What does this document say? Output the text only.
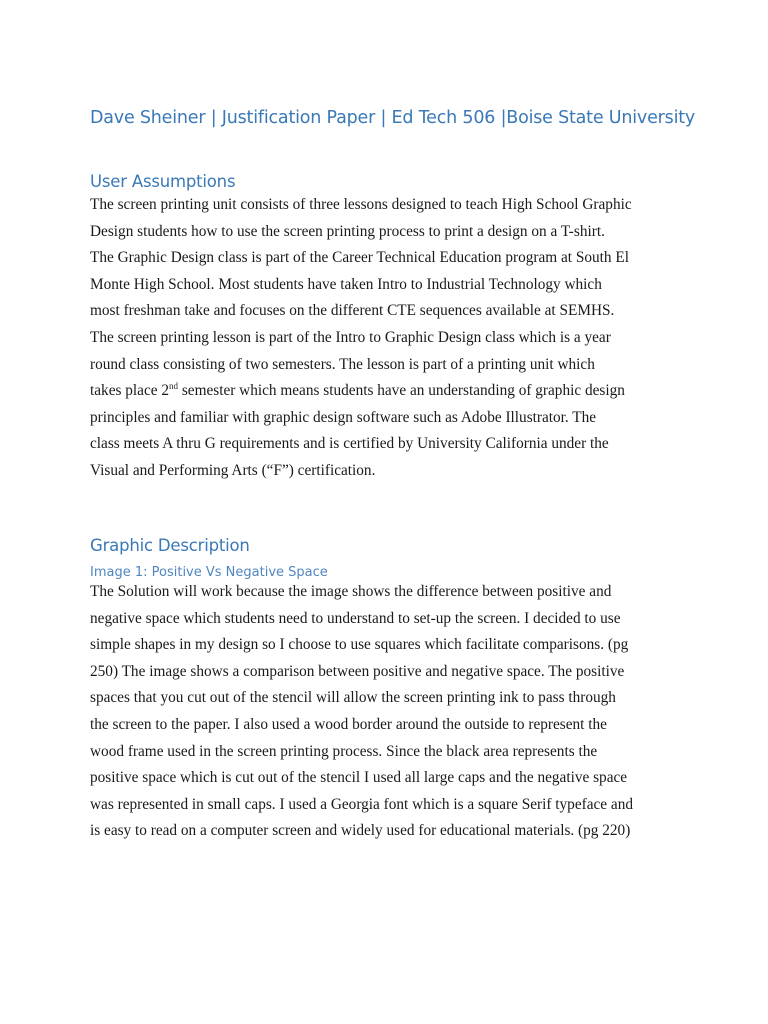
Dave Sheiner | Justification Paper | Ed Tech 506 |Boise State University
User Assumptions
The screen printing unit consists of three lessons designed to teach High School Graphic
Design students how to use the screen printing process to print a design on a T-shirt.
The Graphic Design class is part of the Career Technical Education program at South El
Monte High School. Most students have taken Intro to Industrial Technology which
most freshman take and focuses on the different CTE sequences available at SEMHS.
The screen printing lesson is part of the Intro to Graphic Design class which is a year
round class consisting of two semesters. The lesson is part of a printing unit which
takes place 2nd semester which means students have an understanding of graphic design
principles and familiar with graphic design software such as Adobe Illustrator. The
class meets A thru G requirements and is certified by University California under the
Visual and Performing Arts (“F”) certification.
Graphic Description
Image 1: Positive Vs Negative Space
The Solution will work because the image shows the difference between positive and
negative space which students need to understand to set-up the screen. I decided to use
simple shapes in my design so I choose to use squares which facilitate comparisons. (pg
250) The image shows a comparison between positive and negative space. The positive
spaces that you cut out of the stencil will allow the screen printing ink to pass through
the screen to the paper. I also used a wood border around the outside to represent the
wood frame used in the screen printing process. Since the black area represents the
positive space which is cut out of the stencil I used all large caps and the negative space
was represented in small caps. I used a Georgia font which is a square Serif typeface and
is easy to read on a computer screen and widely used for educational materials. (pg 220)
